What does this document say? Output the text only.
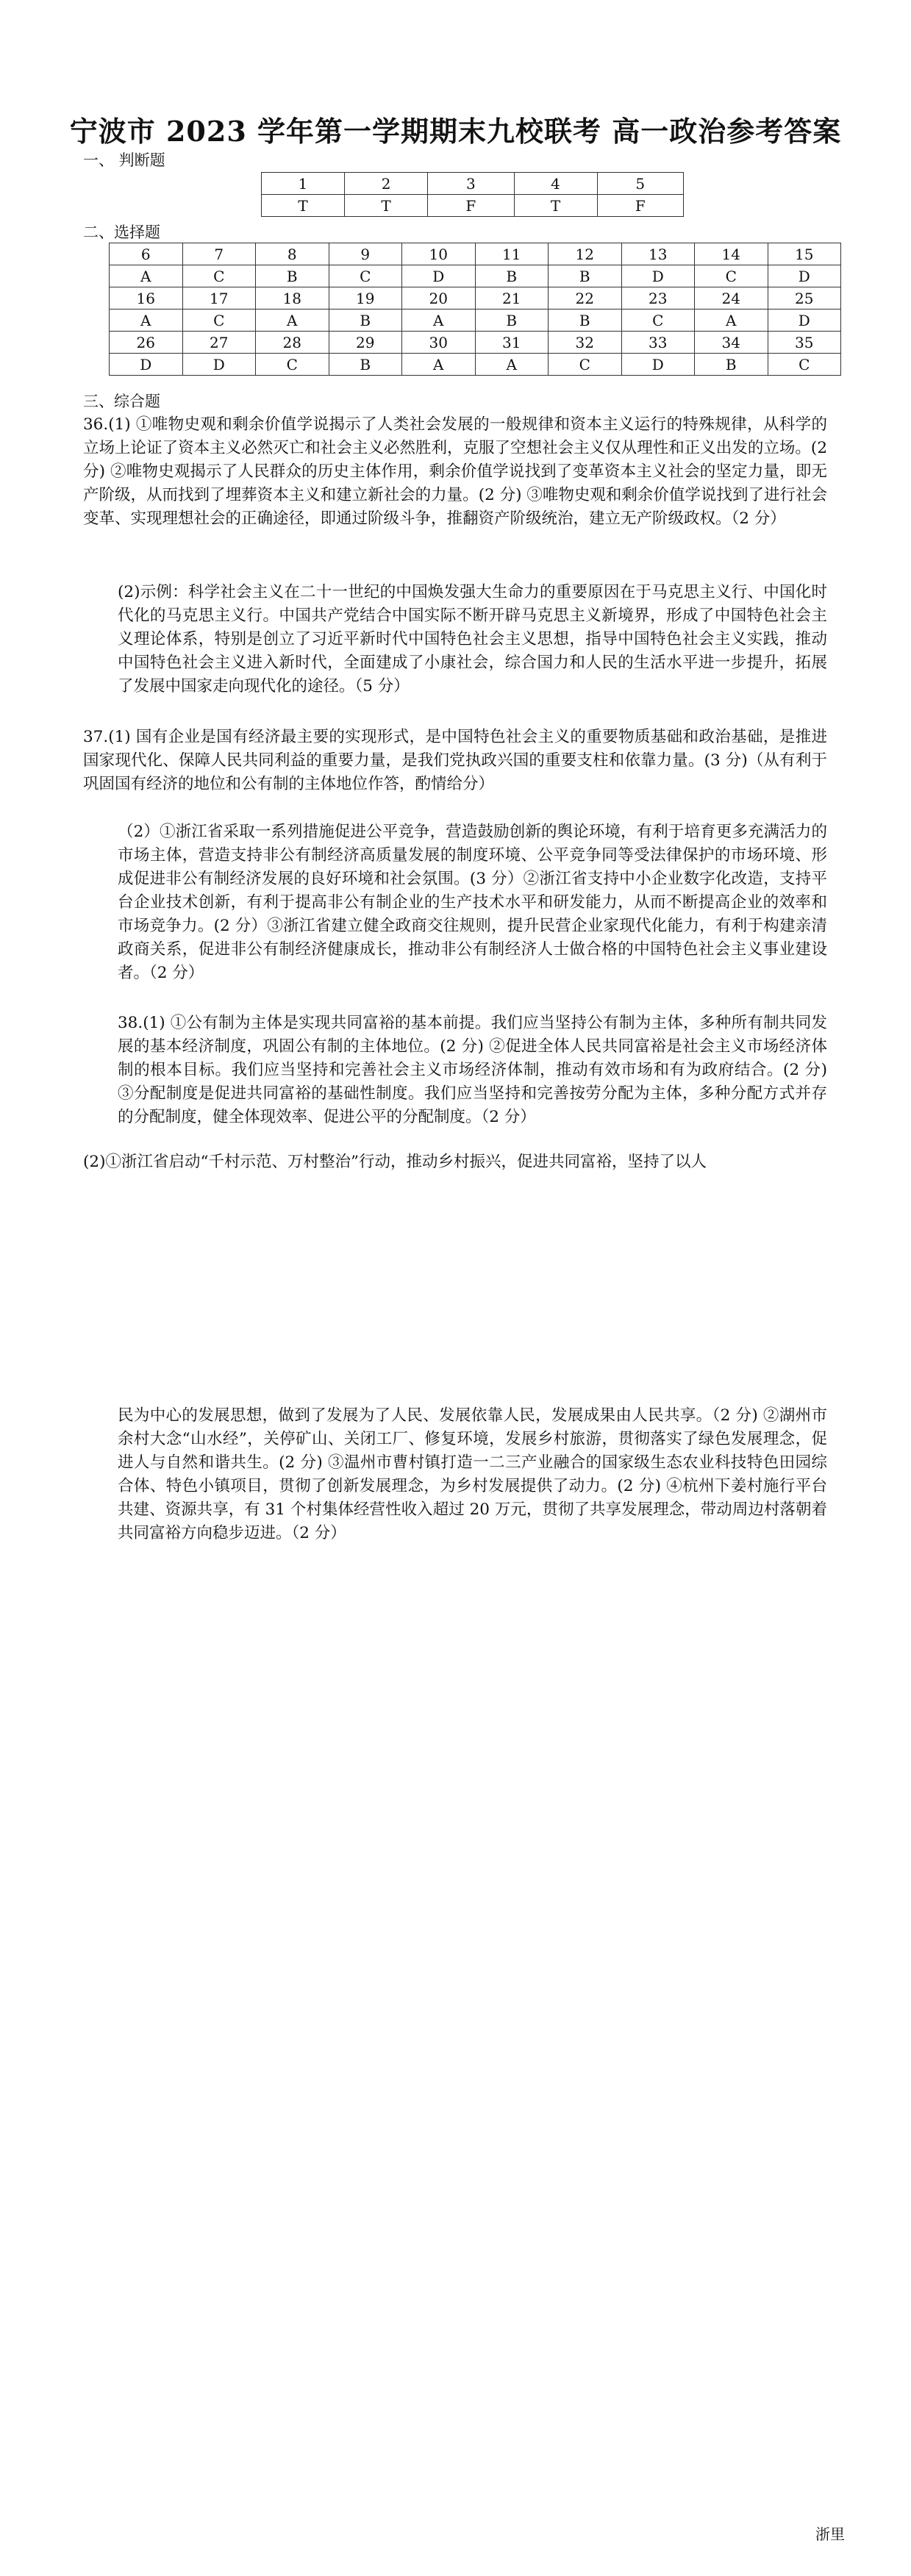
宁波市 2023 学年第一学期期末九校联考 高一政治参考答案
一、 判断题
1	2	3	4	5
T	T	F	T	F
二、选择题
6	7	8	9	10	11	12	13	14	15
A	C	B	C	D	B	B	D	C	D
16	17	18	19	20	21	22	23	24	25
A	C	A	B	A	B	B	C	A	D
26	27	28	29	30	31	32	33	34	35
D	D	C	B	A	A	C	D	B	C
三、综合题

36.(1) ①唯物史观和剩余价值学说揭示了人类社会发展的一般规律和资本主义运行的特殊规律，从科学的立场上论证了资本主义必然灭亡和社会主义必然胜利，克服了空想社会主义仅从理性和正义出发的立场。(2 分) ②唯物史观揭示了人民群众的历史主体作用，剩余价值学说找到了变革资本主义社会的坚定力量，即无产阶级，从而找到了埋葬资本主义和建立新社会的力量。(2 分) ③唯物史观和剩余价值学说找到了进行社会变革、实现理想社会的正确途径，即通过阶级斗争，推翻资产阶级统治，建立无产阶级政权。（2 分）

(2)示例：科学社会主义在二十一世纪的中国焕发强大生命力的重要原因在于马克思主义行、中国化时代化的马克思主义行。中国共产党结合中国实际不断开辟马克思主义新境界，形成了中国特色社会主义理论体系，特别是创立了习近平新时代中国特色社会主义思想，指导中国特色社会主义实践，推动中国特色社会主义进入新时代，全面建成了小康社会，综合国力和人民的生活水平进一步提升，拓展了发展中国家走向现代化的途径。（5 分）

37.(1) 国有企业是国有经济最主要的实现形式，是中国特色社会主义的重要物质基础和政治基础，是推进国家现代化、保障人民共同利益的重要力量，是我们党执政兴国的重要支柱和依靠力量。(3 分)（从有利于巩固国有经济的地位和公有制的主体地位作答，酌情给分）

（2）①浙江省采取一系列措施促进公平竞争，营造鼓励创新的舆论环境，有利于培育更多充满活力的市场主体，营造支持非公有制经济高质量发展的制度环境、公平竞争同等受法律保护的市场环境、形成促进非公有制经济发展的良好环境和社会氛围。(3 分）②浙江省支持中小企业数字化改造，支持平台企业技术创新，有利于提高非公有制企业的生产技术水平和研发能力，从而不断提高企业的效率和市场竞争力。(2 分）③浙江省建立健全政商交往规则，提升民营企业家现代化能力，有利于构建亲清政商关系，促进非公有制经济健康成长，推动非公有制经济人士做合格的中国特色社会主义事业建设者。（2 分）

38.(1) ①公有制为主体是实现共同富裕的基本前提。我们应当坚持公有制为主体，多种所有制共同发展的基本经济制度，巩固公有制的主体地位。(2 分) ②促进全体人民共同富裕是社会主义市场经济体制的根本目标。我们应当坚持和完善社会主义市场经济体制，推动有效市场和有为政府结合。(2 分) ③分配制度是促进共同富裕的基础性制度。我们应当坚持和完善按劳分配为主体，多种分配方式并存的分配制度，健全体现效率、促进公平的分配制度。（2 分）

(2)①浙江省启动“千村示范、万村整治”行动，推动乡村振兴，促进共同富裕，坚持了以人

民为中心的发展思想，做到了发展为了人民、发展依靠人民，发展成果由人民共享。（2 分) ②湖州市余村大念“山水经”，关停矿山、关闭工厂、修复环境，发展乡村旅游，贯彻落实了绿色发展理念，促进人与自然和谐共生。(2 分) ③温州市曹村镇打造一二三产业融合的国家级生态农业科技特色田园综合体、特色小镇项目，贯彻了创新发展理念，为乡村发展提供了动力。(2 分) ④杭州下姜村施行平台共建、资源共享，有 31 个村集体经营性收入超过 20 万元，贯彻了共享发展理念，带动周边村落朝着共同富裕方向稳步迈进。（2 分）

浙里
